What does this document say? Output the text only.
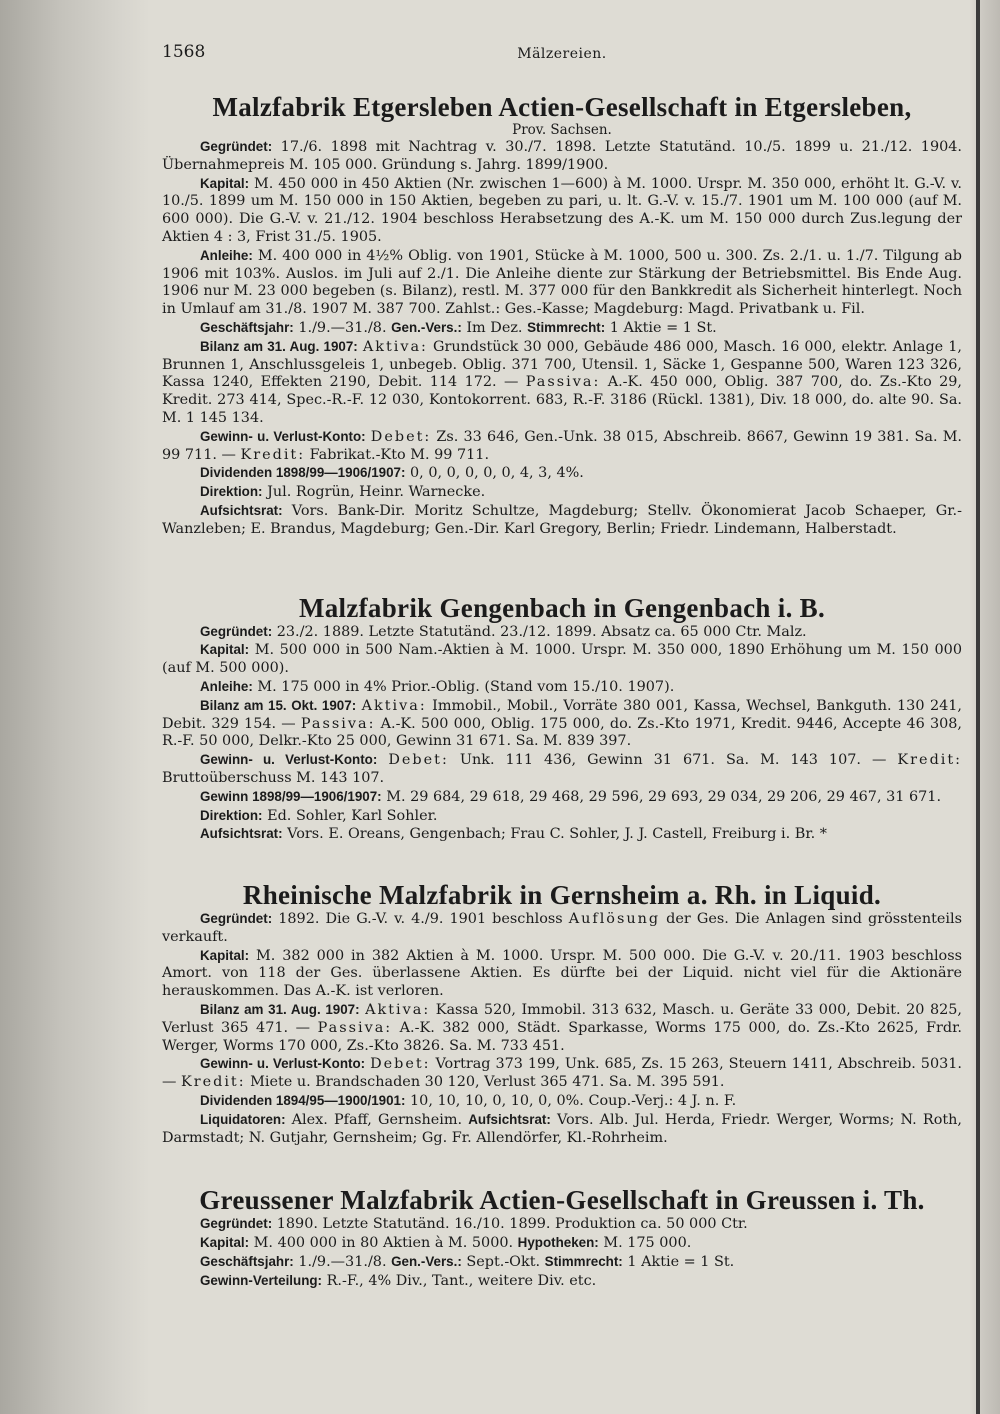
1568	Mälzereien.
Malzfabrik Etgersleben Actien-Gesellschaft in Etgersleben,
Prov. Sachsen.

Gegründet: 17./6. 1898 mit Nachtrag v. 30./7. 1898. Letzte Statutänd. 10./5. 1899 u. 21./12. 1904. Übernahmepreis M. 105 000. Gründung s. Jahrg. 1899/1900.

Kapital: M. 450 000 in 450 Aktien (Nr. zwischen 1—600) à M. 1000. Urspr. M. 350 000, erhöht lt. G.-V. v. 10./5. 1899 um M. 150 000 in 150 Aktien, begeben zu pari, u. lt. G.-V. v. 15./7. 1901 um M. 100 000 (auf M. 600 000). Die G.-V. v. 21./12. 1904 beschloss Herabsetzung des A.-K. um M. 150 000 durch Zus.legung der Aktien 4 : 3, Frist 31./5. 1905.

Anleihe: M. 400 000 in 4½% Oblig. von 1901, Stücke à M. 1000, 500 u. 300. Zs. 2./1. u. 1./7. Tilgung ab 1906 mit 103%. Auslos. im Juli auf 2./1. Die Anleihe diente zur Stärkung der Betriebsmittel. Bis Ende Aug. 1906 nur M. 23 000 begeben (s. Bilanz), restl. M. 377 000 für den Bankkredit als Sicherheit hinterlegt. Noch in Umlauf am 31./8. 1907 M. 387 700. Zahlst.: Ges.-Kasse; Magdeburg: Magd. Privatbank u. Fil.

Geschäftsjahr: 1./9.—31./8. Gen.-Vers.: Im Dez. Stimmrecht: 1 Aktie = 1 St.

Bilanz am 31. Aug. 1907: Aktiva: Grundstück 30 000, Gebäude 486 000, Masch. 16 000, elektr. Anlage 1, Brunnen 1, Anschlussgeleis 1, unbegeb. Oblig. 371 700, Utensil. 1, Säcke 1, Gespanne 500, Waren 123 326, Kassa 1240, Effekten 2190, Debit. 114 172. — Passiva: A.-K. 450 000, Oblig. 387 700, do. Zs.-Kto 29, Kredit. 273 414, Spec.-R.-F. 12 030, Kontokorrent. 683, R.-F. 3186 (Rückl. 1381), Div. 18 000, do. alte 90. Sa. M. 1 145 134.

Gewinn- u. Verlust-Konto: Debet: Zs. 33 646, Gen.-Unk. 38 015, Abschreib. 8667, Gewinn 19 381. Sa. M. 99 711. — Kredit: Fabrikat.-Kto M. 99 711.

Dividenden 1898/99—1906/1907: 0, 0, 0, 0, 0, 0, 4, 3, 4%.

Direktion: Jul. Rogrün, Heinr. Warnecke.

Aufsichtsrat: Vors. Bank-Dir. Moritz Schultze, Magdeburg; Stellv. Ökonomierat Jacob Schaeper, Gr.-Wanzleben; E. Brandus, Magdeburg; Gen.-Dir. Karl Gregory, Berlin; Friedr. Lindemann, Halberstadt.

Malzfabrik Gengenbach in Gengenbach i. B.

Gegründet: 23./2. 1889. Letzte Statutänd. 23./12. 1899. Absatz ca. 65 000 Ctr. Malz.

Kapital: M. 500 000 in 500 Nam.-Aktien à M. 1000. Urspr. M. 350 000, 1890 Erhöhung um M. 150 000 (auf M. 500 000).

Anleihe: M. 175 000 in 4% Prior.-Oblig. (Stand vom 15./10. 1907).

Bilanz am 15. Okt. 1907: Aktiva: Immobil., Mobil., Vorräte 380 001, Kassa, Wechsel, Bankguth. 130 241, Debit. 329 154. — Passiva: A.-K. 500 000, Oblig. 175 000, do. Zs.-Kto 1971, Kredit. 9446, Accepte 46 308, R.-F. 50 000, Delkr.-Kto 25 000, Gewinn 31 671. Sa. M. 839 397.

Gewinn- u. Verlust-Konto: Debet: Unk. 111 436, Gewinn 31 671. Sa. M. 143 107. — Kredit: Bruttoüberschuss M. 143 107.

Gewinn 1898/99—1906/1907: M. 29 684, 29 618, 29 468, 29 596, 29 693, 29 034, 29 206, 29 467, 31 671.

Direktion: Ed. Sohler, Karl Sohler.

Aufsichtsrat: Vors. E. Oreans, Gengenbach; Frau C. Sohler, J. J. Castell, Freiburg i. Br. *

Rheinische Malzfabrik in Gernsheim a. Rh. in Liquid.

Gegründet: 1892. Die G.-V. v. 4./9. 1901 beschloss Auflösung der Ges. Die Anlagen sind grösstenteils verkauft.

Kapital: M. 382 000 in 382 Aktien à M. 1000. Urspr. M. 500 000. Die G.-V. v. 20./11. 1903 beschloss Amort. von 118 der Ges. überlassene Aktien. Es dürfte bei der Liquid. nicht viel für die Aktionäre herauskommen. Das A.-K. ist verloren.

Bilanz am 31. Aug. 1907: Aktiva: Kassa 520, Immobil. 313 632, Masch. u. Geräte 33 000, Debit. 20 825, Verlust 365 471. — Passiva: A.-K. 382 000, Städt. Sparkasse, Worms 175 000, do. Zs.-Kto 2625, Frdr. Werger, Worms 170 000, Zs.-Kto 3826. Sa. M. 733 451.

Gewinn- u. Verlust-Konto: Debet: Vortrag 373 199, Unk. 685, Zs. 15 263, Steuern 1411, Abschreib. 5031. — Kredit: Miete u. Brandschaden 30 120, Verlust 365 471. Sa. M. 395 591.

Dividenden 1894/95—1900/1901: 10, 10, 10, 0, 10, 0, 0%. Coup.-Verj.: 4 J. n. F.

Liquidatoren: Alex. Pfaff, Gernsheim. Aufsichtsrat: Vors. Alb. Jul. Herda, Friedr. Werger, Worms; N. Roth, Darmstadt; N. Gutjahr, Gernsheim; Gg. Fr. Allendörfer, Kl.-Rohrheim.

Greussener Malzfabrik Actien-Gesellschaft in Greussen i. Th.

Gegründet: 1890. Letzte Statutänd. 16./10. 1899. Produktion ca. 50 000 Ctr.

Kapital: M. 400 000 in 80 Aktien à M. 5000. Hypotheken: M. 175 000.

Geschäftsjahr: 1./9.—31./8. Gen.-Vers.: Sept.-Okt. Stimmrecht: 1 Aktie = 1 St.

Gewinn-Verteilung: R.-F., 4% Div., Tant., weitere Div. etc.
